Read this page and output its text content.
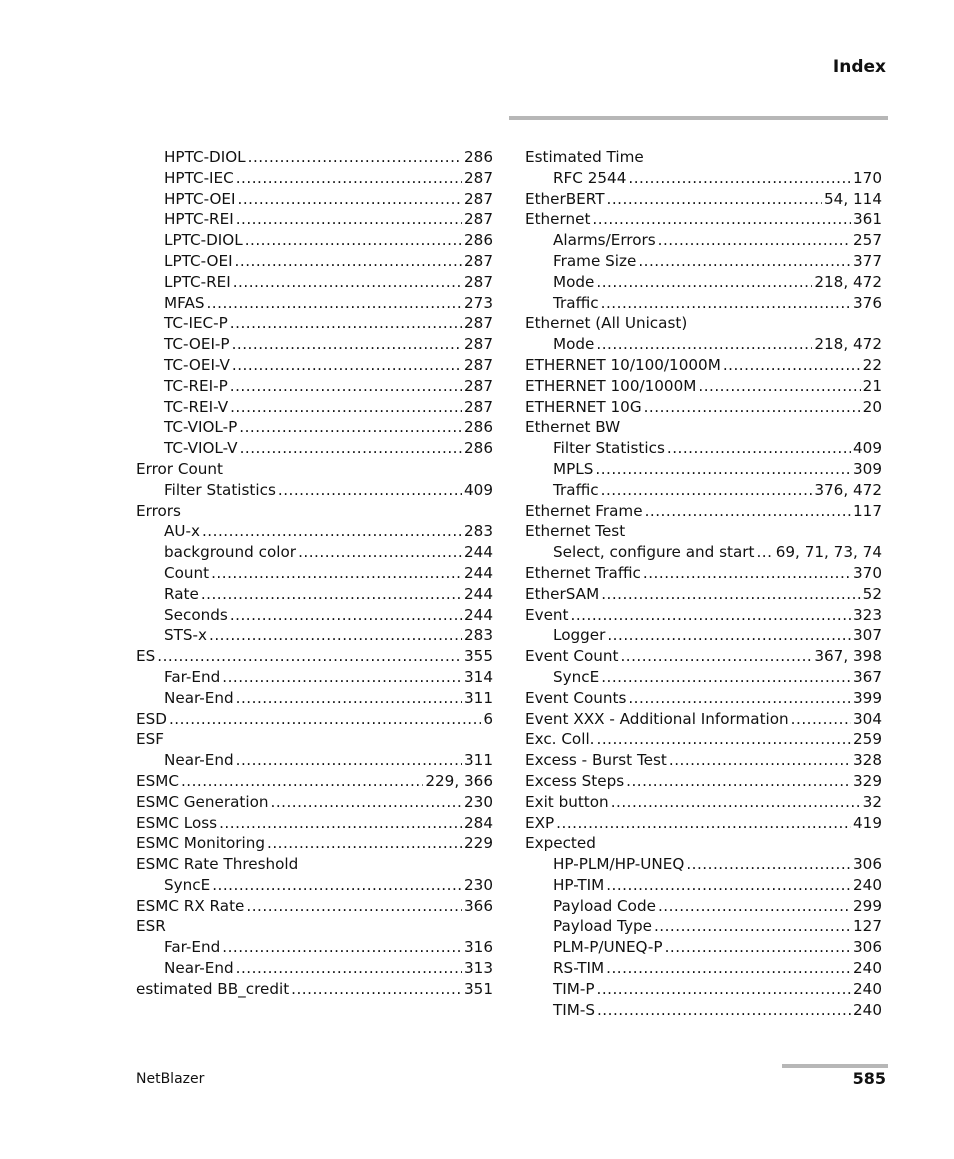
Index
HPTC-DIOL .....	286
HPTC-IEC .....	287
HPTC-OEI .....	287
HPTC-REI .....	287
LPTC-DIOL .....	286
LPTC-OEI .....	287
LPTC-REI .....	287
MFAS .....	273
TC-IEC-P .....	287
TC-OEI-P .....	287
TC-OEI-V .....	287
TC-REI-P .....	287
TC-REI-V .....	287
TC-VIOL-P .....	286
TC-VIOL-V .....	286
Error Count
Filter Statistics .....	409
Errors
AU-x .....	283
background color .....	244
Count .....	244
Rate .....	244
Seconds .....	244
STS-x .....	283
ES .....	355
Far-End .....	314
Near-End .....	311
ESD .....	6
ESF
Near-End .....	311
ESMC .....	229, 366
ESMC Generation .....	230
ESMC Loss .....	284
ESMC Monitoring .....	229
ESMC Rate Threshold
SyncE .....	230
ESMC RX Rate .....	366
ESR
Far-End .....	316
Near-End .....	313
estimated BB_credit .....	351
Estimated Time
RFC 2544 .....	170
EtherBERT .....	54, 114
Ethernet .....	361
Alarms/Errors .....	257
Frame Size .....	377
Mode .....	218, 472
Traffic .....	376
Ethernet (All Unicast)
Mode .....	218, 472
ETHERNET 10/100/1000M .....	22
ETHERNET 100/1000M .....	21
ETHERNET 10G .....	20
Ethernet BW
Filter Statistics .....	409
MPLS .....	309
Traffic .....	376, 472
Ethernet Frame .....	117
Ethernet Test
Select, configure and start ..... 69, 71, 73, 74
Ethernet Traffic .....	370
EtherSAM .....	52
Event .....	323
Logger .....	307
Event Count .....	367, 398
SyncE .....	367
Event Counts .....	399
Event XXX - Additional Information .....	304
Exc. Coll. .....	259
Excess - Burst Test .....	328
Excess Steps .....	329
Exit button .....	32
EXP .....	419
Expected
HP-PLM/HP-UNEQ .....	306
HP-TIM .....	240
Payload Code .....	299
Payload Type .....	127
PLM-P/UNEQ-P .....	306
RS-TIM .....	240
TIM-P .....	240
TIM-S .....	240
NetBlazer	585
